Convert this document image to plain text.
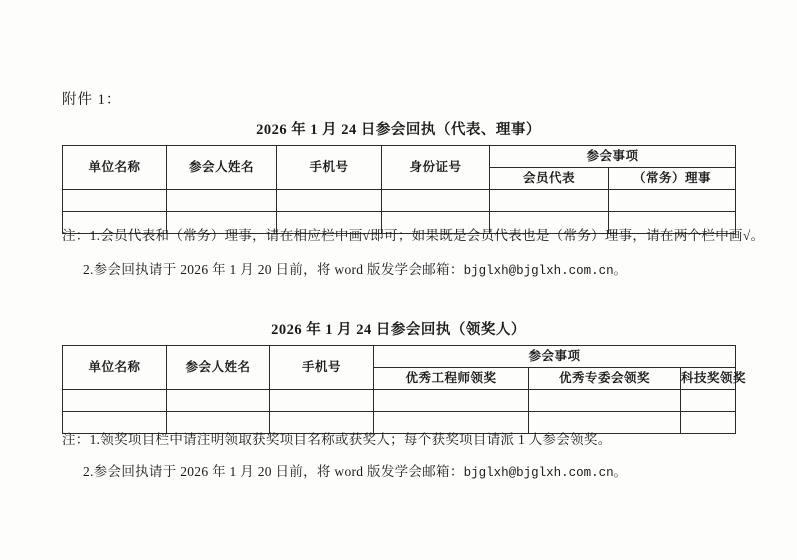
附件 1：
2026 年 1 月 24 日参会回执（代表、理事）
单位名称	参会人姓名	手机号	身份证号	参会事项	
				会员代表	（常务）理事

注：1.会员代表和（常务）理事，请在相应栏中画√即可；如果既是会员代表也是（常务）理事，请在两个栏中画√。
2.参会回执请于 2026 年 1 月 20 日前，将 word 版发学会邮箱：bjglxh@bjglxh.com.cn。
2026 年 1 月 24 日参会回执（领奖人）
单位名称	参会人姓名	手机号	参会事项		
			优秀工程师领奖	优秀专委会领奖	科技奖领奖

注：1.领奖项目栏中请注明领取获奖项目名称或获奖人；每个获奖项目请派 1 人参会领奖。
2.参会回执请于 2026 年 1 月 20 日前，将 word 版发学会邮箱：bjglxh@bjglxh.com.cn。
